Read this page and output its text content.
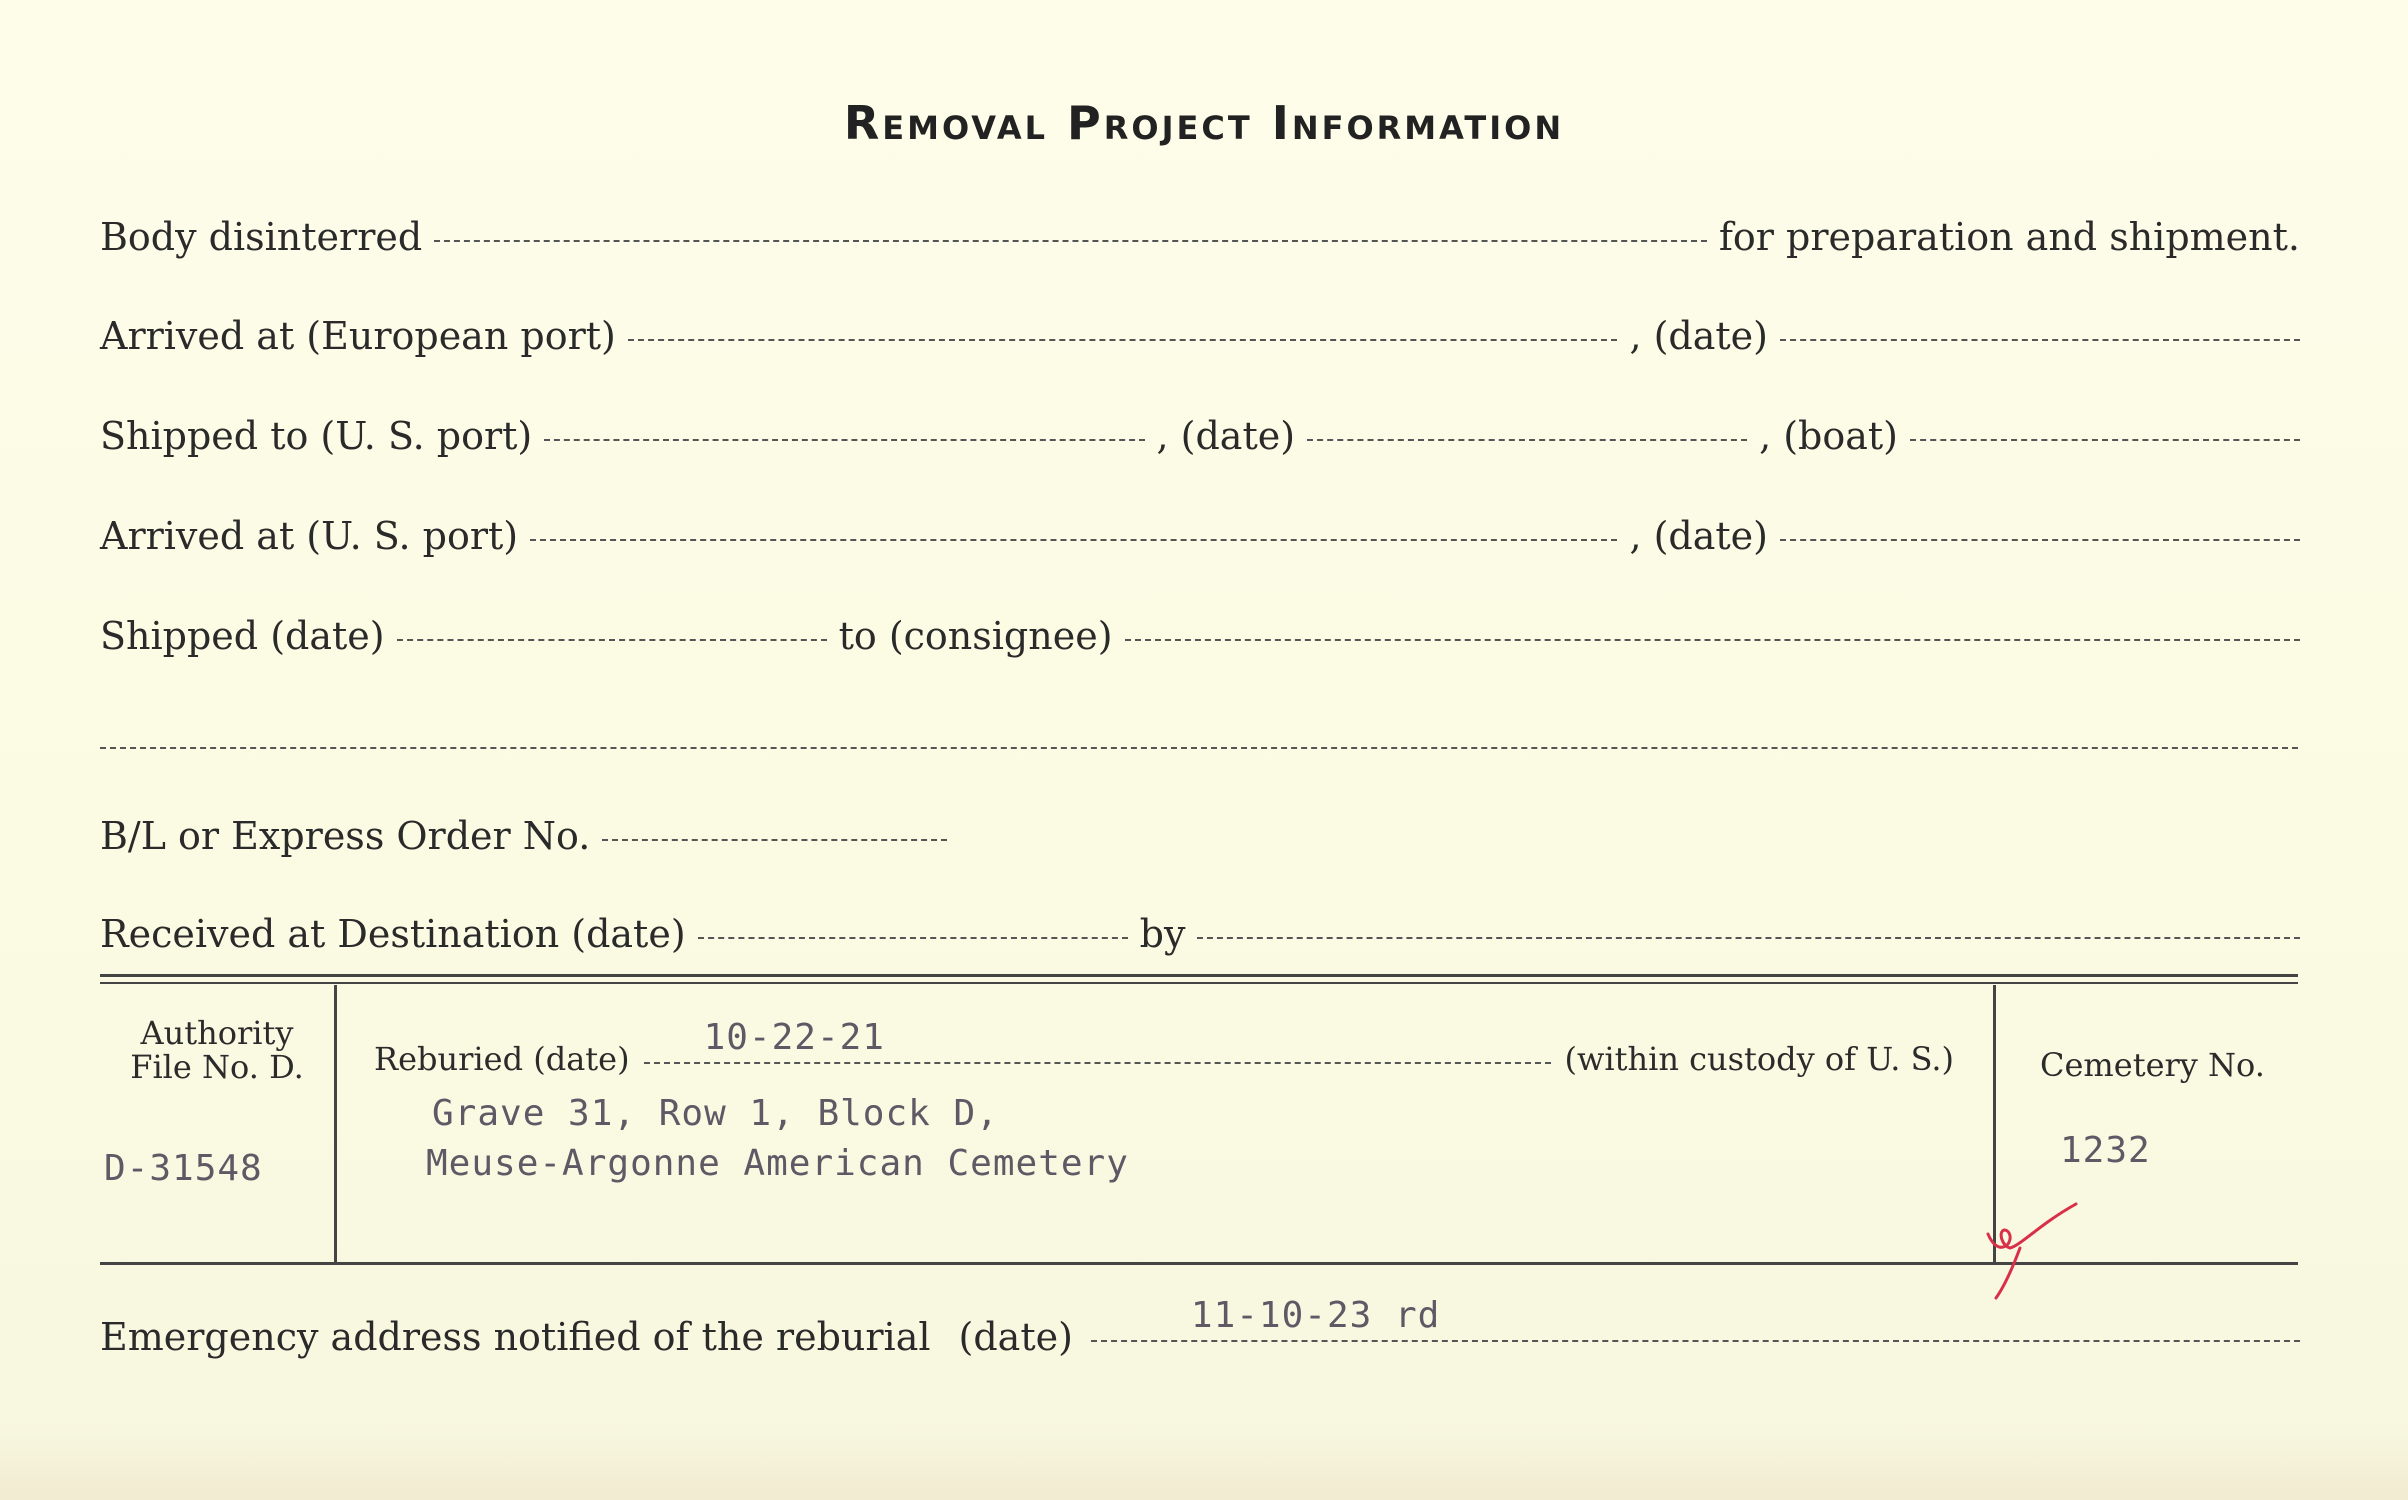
Removal Project Information
Body disinterred	for preparation and shipment.
Arrived at (European port)	, (date)
Shipped to (U. S. port)	, (date)	, (boat)
Arrived at (U. S. port)	, (date)
Shipped (date)	to (consignee)
B/L or Express Order No.
Received at Destination (date)	by
Authority
File No. D.
D-31548
Reburied (date)
10-22-21
(within custody of U. S.)
Grave 31, Row 1, Block D,
Meuse-Argonne American Cemetery
Cemetery No.
1232
Emergency address notified of the reburial (date)	11-10-23 rd
